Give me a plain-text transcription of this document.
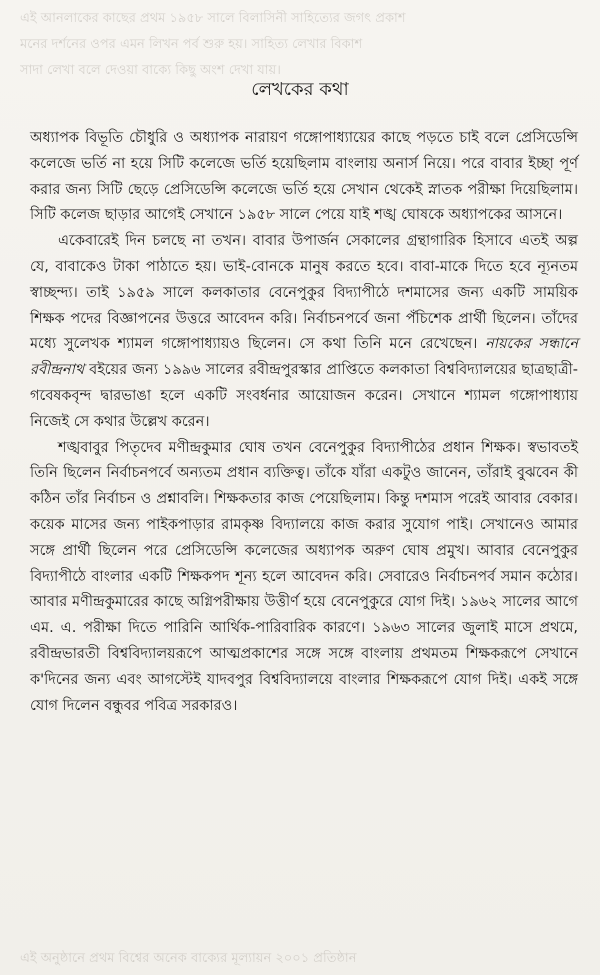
এই আনলাকের কাছের প্রথম ১৯৫৮ সালে বিলাসিনী সাহিত্যের জগৎ প্রকাশ
মনের দর্শনের ওপর এমন লিখন পর্ব শুরু হয়। সাহিত্য লেখার বিকাশ
সাদা লেখা বলে দেওয়া বাক্যে কিছু অংশ দেখা যায়।
লেখকের কথা

অধ্যাপক বিভূতি চৌধুরি ও অধ্যাপক নারায়ণ গঙ্গোপাধ্যায়ের কাছে পড়তে চাই বলে প্রেসিডেন্সি কলেজে ভর্তি না হয়ে সিটি কলেজে ভর্তি হয়েছিলাম বাংলায় অনার্স নিয়ে। পরে বাবার ইচ্ছা পূর্ণ করার জন্য সিটি ছেড়ে প্রেসিডেন্সি কলেজে ভর্তি হয়ে সেখান থেকেই স্নাতক পরীক্ষা দিয়েছিলাম। সিটি কলেজ ছাড়ার আগেই সেখানে ১৯৫৮ সালে পেয়ে যাই শঙ্খ ঘোষকে অধ্যাপকের আসনে।

একেবারেই দিন চলছে না তখন। বাবার উপার্জন সেকালের গ্রন্থাগারিক হিসাবে এতই অল্প যে, বাবাকেও টাকা পাঠাতে হয়। ভাই-বোনকে মানুষ করতে হবে। বাবা-মাকে দিতে হবে ন্যূনতম স্বাচ্ছন্দ্য। তাই ১৯৫৯ সালে কলকাতার বেনেপুকুর বিদ্যাপীঠে দশমাসের জন্য একটি সাময়িক শিক্ষক পদের বিজ্ঞাপনের উত্তরে আবেদন করি। নির্বাচনপর্বে জনা পঁচিশেক প্রার্থী ছিলেন। তাঁদের মধ্যে সুলেখক শ্যামল গঙ্গোপাধ্যায়ও ছিলেন। সে কথা তিনি মনে রেখেছেন। নায়কের সন্ধানে রবীন্দ্রনাথ বইয়ের জন্য ১৯৯৬ সালের রবীন্দ্রপুরস্কার প্রাপ্তিতে কলকাতা বিশ্ববিদ্যালয়ের ছাত্রছাত্রী-গবেষকবৃন্দ দ্বারভাঙা হলে একটি সংবর্ধনার আয়োজন করেন। সেখানে শ্যামল গঙ্গোপাধ্যায় নিজেই সে কথার উল্লেখ করেন।

শঙ্খবাবুর পিতৃদেব মণীন্দ্রকুমার ঘোষ তখন বেনেপুকুর বিদ্যাপীঠের প্রধান শিক্ষক। স্বভাবতই তিনি ছিলেন নির্বাচনপর্বে অন্যতম প্রধান ব্যক্তিত্ব। তাঁকে যাঁরা একটুও জানেন, তাঁরাই বুঝবেন কী কঠিন তাঁর নির্বাচন ও প্রশ্নাবলি। শিক্ষকতার কাজ পেয়েছিলাম। কিন্তু দশমাস পরেই আবার বেকার। কয়েক মাসের জন্য পাইকপাড়ার রামকৃষ্ণ বিদ্যালয়ে কাজ করার সুযোগ পাই। সেখানেও আমার সঙ্গে প্রার্থী ছিলেন পরে প্রেসিডেন্সি কলেজের অধ্যাপক অরুণ ঘোষ প্রমুখ। আবার বেনেপুকুর বিদ্যাপীঠে বাংলার একটি শিক্ষকপদ শূন্য হলে আবেদন করি। সেবারেও নির্বাচনপর্ব সমান কঠোর। আবার মণীন্দ্রকুমারের কাছে অগ্নিপরীক্ষায় উত্তীর্ণ হয়ে বেনেপুকুরে যোগ দিই। ১৯৬২ সালের আগে এম. এ. পরীক্ষা দিতে পারিনি আর্থিক-পারিবারিক কারণে। ১৯৬৩ সালের জুলাই মাসে প্রথমে, রবীন্দ্রভারতী বিশ্ববিদ্যালয়রূপে আত্মপ্রকাশের সঙ্গে সঙ্গে বাংলায় প্রথমতম শিক্ষকরূপে সেখানে ক'দিনের জন্য এবং আগস্টেই যাদবপুর বিশ্ববিদ্যালয়ে বাংলার শিক্ষকরূপে যোগ দিই। একই সঙ্গে যোগ দিলেন বন্ধুবর পবিত্র সরকারও।

এই অনুষ্ঠানে প্রথম বিশ্বের অনেক বাক্যের মূল্যায়ন ২০০১ প্রতিষ্ঠান
